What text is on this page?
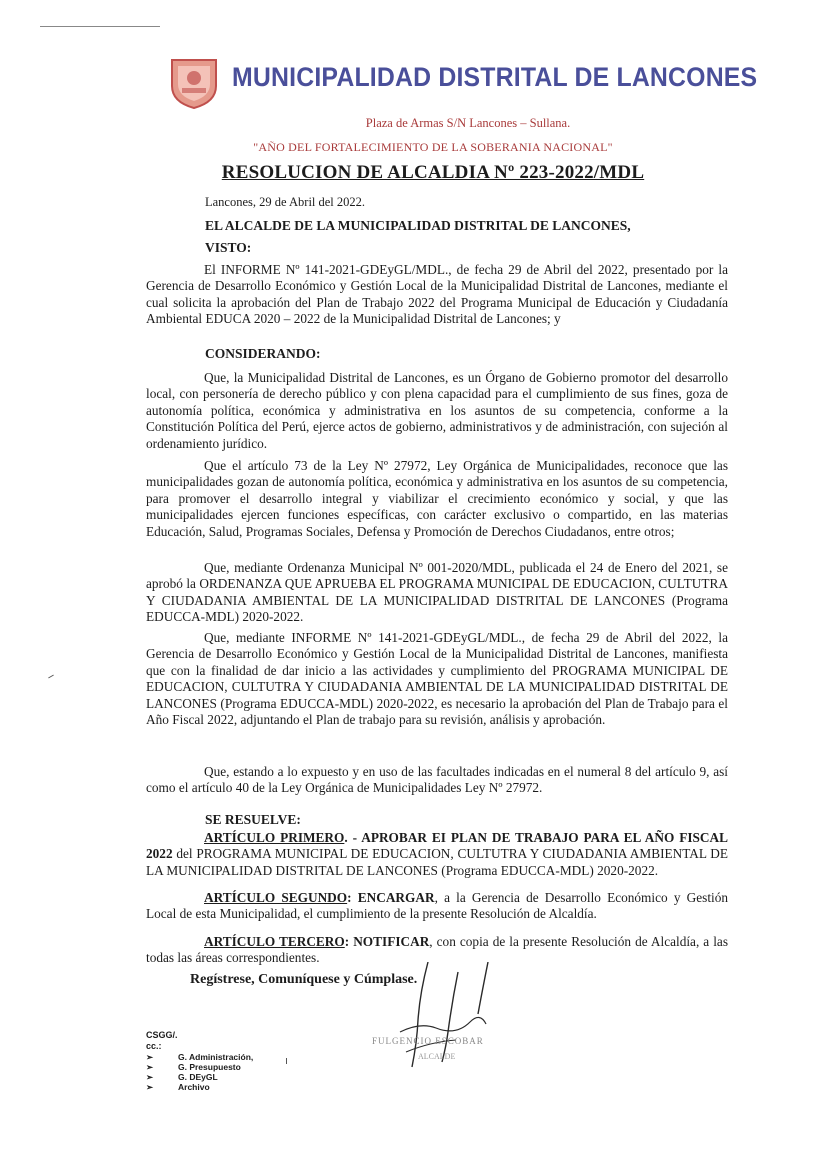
MUNICIPALIDAD DISTRITAL DE LANCONES
Plaza de Armas S/N Lancones – Sullana.
"AÑO DEL FORTALECIMIENTO DE LA SOBERANIA NACIONAL"
RESOLUCION DE ALCALDIA Nº 223-2022/MDL
Lancones, 29 de Abril del 2022.
EL ALCALDE DE LA MUNICIPALIDAD DISTRITAL DE LANCONES,
VISTO:
El INFORME Nº 141-2021-GDEyGL/MDL., de fecha 29 de Abril del 2022, presentado por la Gerencia de Desarrollo Económico y Gestión Local de la Municipalidad Distrital de Lancones, mediante el cual solicita la aprobación del Plan de Trabajo 2022 del Programa Municipal de Educación y Ciudadanía Ambiental EDUCA 2020 – 2022 de la Municipalidad Distrital de Lancones; y
CONSIDERANDO:
Que, la Municipalidad Distrital de Lancones, es un Órgano de Gobierno promotor del desarrollo local, con personería de derecho público y con plena capacidad para el cumplimiento de sus fines, goza de autonomía política, económica y administrativa en los asuntos de su competencia, conforme a la Constitución Política del Perú, ejerce actos de gobierno, administrativos y de administración, con sujeción al ordenamiento jurídico.
Que el artículo 73 de la Ley Nº 27972, Ley Orgánica de Municipalidades, reconoce que las municipalidades gozan de autonomía política, económica y administrativa en los asuntos de su competencia, para promover el desarrollo integral y viabilizar el crecimiento económico y social, y que las municipalidades ejercen funciones específicas, con carácter exclusivo o compartido, en las materias Educación, Salud, Programas Sociales, Defensa y Promoción de Derechos Ciudadanos, entre otros;
Que, mediante Ordenanza Municipal Nº 001-2020/MDL, publicada el 24 de Enero del 2021, se aprobó la ORDENANZA QUE APRUEBA EL PROGRAMA MUNICIPAL DE EDUCACION, CULTUTRA Y CIUDADANIA AMBIENTAL DE LA MUNICIPALIDAD DISTRITAL DE LANCONES (Programa EDUCCA-MDL) 2020-2022.
Que, mediante INFORME Nº 141-2021-GDEyGL/MDL., de fecha 29 de Abril del 2022, la Gerencia de Desarrollo Económico y Gestión Local de la Municipalidad Distrital de Lancones, manifiesta que con la finalidad de dar inicio a las actividades y cumplimiento del PROGRAMA MUNICIPAL DE EDUCACION, CULTUTRA Y CIUDADANIA AMBIENTAL DE LA MUNICIPALIDAD DISTRITAL DE LANCONES (Programa EDUCCA-MDL) 2020-2022, es necesario la aprobación del Plan de Trabajo para el Año Fiscal 2022, adjuntando el Plan de trabajo para su revisión, análisis y aprobación.
Que, estando a lo expuesto y en uso de las facultades indicadas en el numeral 8 del artículo 9, así como el artículo 40 de la Ley Orgánica de Municipalidades Ley Nº 27972.
SE RESUELVE:
ARTÍCULO PRIMERO. - APROBAR EI PLAN DE TRABAJO PARA EL AÑO FISCAL 2022 del PROGRAMA MUNICIPAL DE EDUCACION, CULTUTRA Y CIUDADANIA AMBIENTAL DE LA MUNICIPALIDAD DISTRITAL DE LANCONES (Programa EDUCCA-MDL) 2020-2022.
ARTÍCULO SEGUNDO: ENCARGAR, a la Gerencia de Desarrollo Económico y Gestión Local de esta Municipalidad, el cumplimiento de la presente Resolución de Alcaldía.
ARTÍCULO TERCERO: NOTIFICAR, con copia de la presente Resolución de Alcaldía, a las todas las áreas correspondientes.
Regístrese, Comuníquese y Cúmplase.
FULGENCIO ESCOBAR
ALCALDE
CSGG/.
cc.:
➢	G. Administración,
➢	G. Presupuesto
➢	G. DEyGL
➢	Archivo
